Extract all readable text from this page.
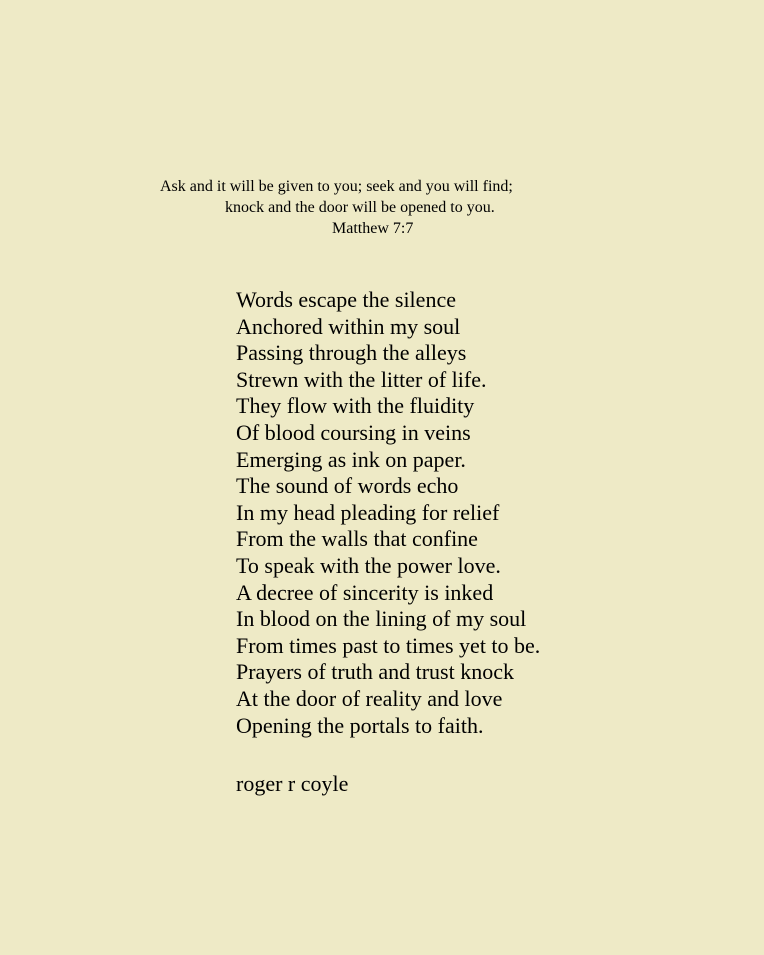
Ask and it will be given to you; seek and you will find;
knock and the door will be opened to you.
Matthew 7:7
Words escape the silence
Anchored within my soul
Passing through the alleys
Strewn with the litter of life.
They flow with the fluidity
Of blood coursing in veins
Emerging as ink on paper.
The sound of words echo
In my head pleading for relief
From the walls that confine
To speak with the power love.
A decree of sincerity is inked
In blood on the lining of my soul
From times past to times yet to be.
Prayers of truth and trust knock
At the door of reality and love
Opening the portals to faith.
roger r coyle
